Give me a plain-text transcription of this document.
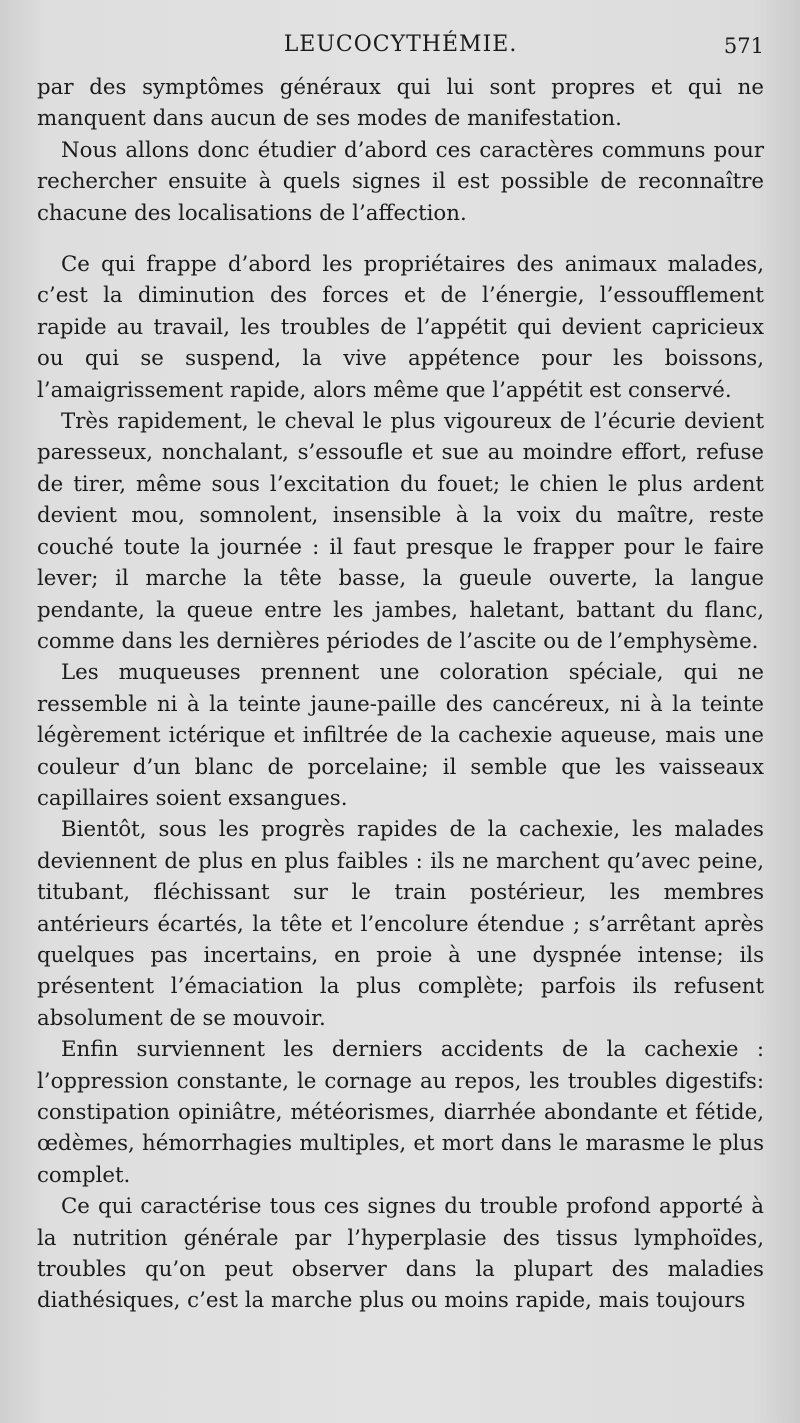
LEUCOCYTHÉMIE.	571

par des symptômes généraux qui lui sont propres et qui ne manquent dans aucun de ses modes de manifestation.

Nous allons donc étudier d’abord ces caractères communs pour rechercher ensuite à quels signes il est possible de reconnaître chacune des localisations de l’affection.

Ce qui frappe d’abord les propriétaires des animaux malades, c’est la diminution des forces et de l’énergie, l’essoufflement rapide au travail, les troubles de l’appétit qui devient capricieux ou qui se suspend, la vive appétence pour les boissons, l’amaigrissement rapide, alors même que l’appétit est conservé.

Très rapidement, le cheval le plus vigoureux de l’écurie devient paresseux, nonchalant, s’essoufle et sue au moindre effort, refuse de tirer, même sous l’excitation du fouet; le chien le plus ardent devient mou, somnolent, insensible à la voix du maître, reste couché toute la journée : il faut presque le frapper pour le faire lever; il marche la tête basse, la gueule ouverte, la langue pendante, la queue entre les jambes, haletant, battant du flanc, comme dans les dernières périodes de l’ascite ou de l’emphysème.

Les muqueuses prennent une coloration spéciale, qui ne ressemble ni à la teinte jaune-paille des cancéreux, ni à la teinte légèrement ictérique et infiltrée de la cachexie aqueuse, mais une couleur d’un blanc de porcelaine; il semble que les vaisseaux capillaires soient exsangues.

Bientôt, sous les progrès rapides de la cachexie, les malades deviennent de plus en plus faibles : ils ne marchent qu’avec peine, titubant, fléchissant sur le train postérieur, les membres antérieurs écartés, la tête et l’encolure étendue ; s’arrêtant après quelques pas incertains, en proie à une dyspnée intense; ils présentent l’émaciation la plus complète; parfois ils refusent absolument de se mouvoir.

Enfin surviennent les derniers accidents de la cachexie : l’oppression constante, le cornage au repos, les troubles digestifs: constipation opiniâtre, météorismes, diarrhée abondante et fétide, œdèmes, hémorrhagies multiples, et mort dans le marasme le plus complet.

Ce qui caractérise tous ces signes du trouble profond apporté à la nutrition générale par l’hyperplasie des tissus lymphoïdes, troubles qu’on peut observer dans la plupart des maladies diathésiques, c’est la marche plus ou moins rapide, mais toujours
